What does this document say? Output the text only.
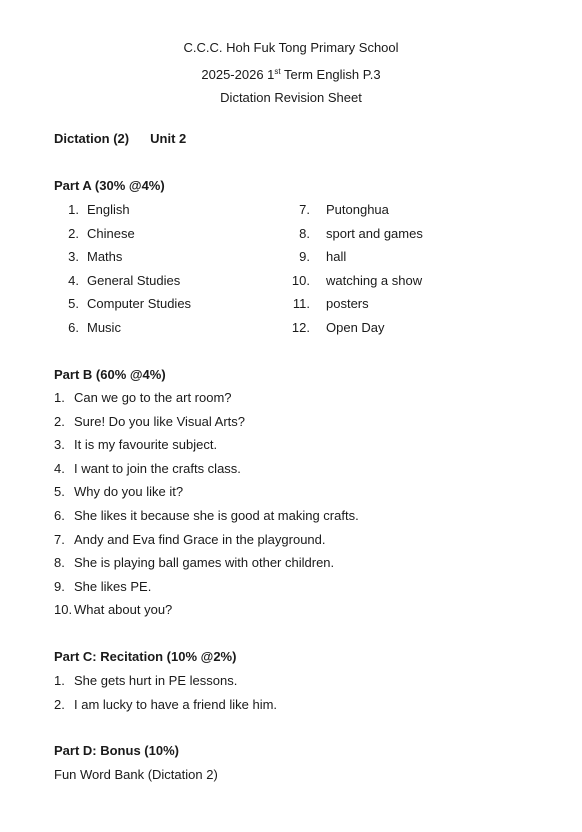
C.C.C. Hoh Fuk Tong Primary School
2025-2026 1st Term English P.3
Dictation Revision Sheet
Dictation (2) Unit 2
Part A (30% @4%)
1. English
2. Chinese
3. Maths
4. General Studies
5. Computer Studies
6. Music
7. Putonghua
8. sport and games
9. hall
10. watching a show
11. posters
12. Open Day
Part B (60% @4%)
1. Can we go to the art room?
2. Sure! Do you like Visual Arts?
3. It is my favourite subject.
4. I want to join the crafts class.
5. Why do you like it?
6. She likes it because she is good at making crafts.
7. Andy and Eva find Grace in the playground.
8. She is playing ball games with other children.
9. She likes PE.
10. What about you?
Part C: Recitation (10% @2%)
1. She gets hurt in PE lessons.
2. I am lucky to have a friend like him.
Part D: Bonus (10%)
Fun Word Bank (Dictation 2)
